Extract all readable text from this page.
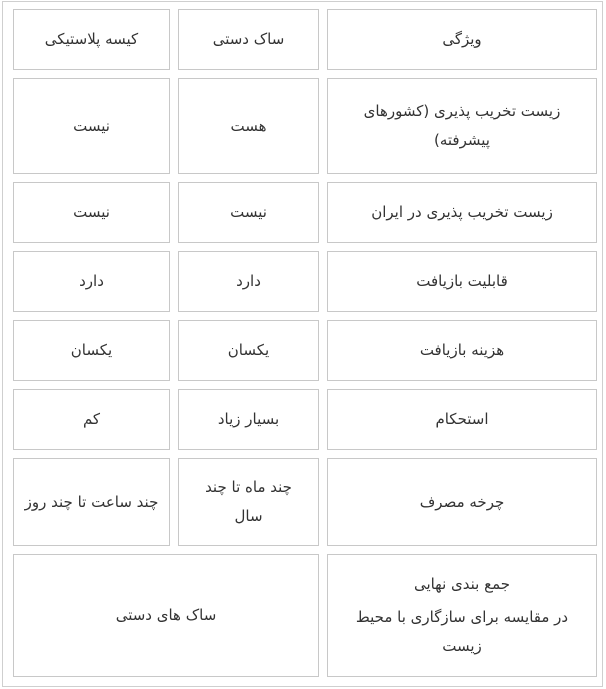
ویژگی
ساک دستی
کیسه پلاستیکی
زیست تخریب پذیری (کشورهای پیشرفته)
هست
نیست
زیست تخریب پذیری در ایران
نیست
نیست
قابلیت بازیافت
دارد
دارد
هزینه بازیافت
یکسان
یکسان
استحکام
بسیار زیاد
کم
چرخه مصرف
چند ماه تا چند سال
چند ساعت تا چند روز
جمع بندی نهایی
در مقایسه برای سازگاری با محیط زیست
ساک های دستی
